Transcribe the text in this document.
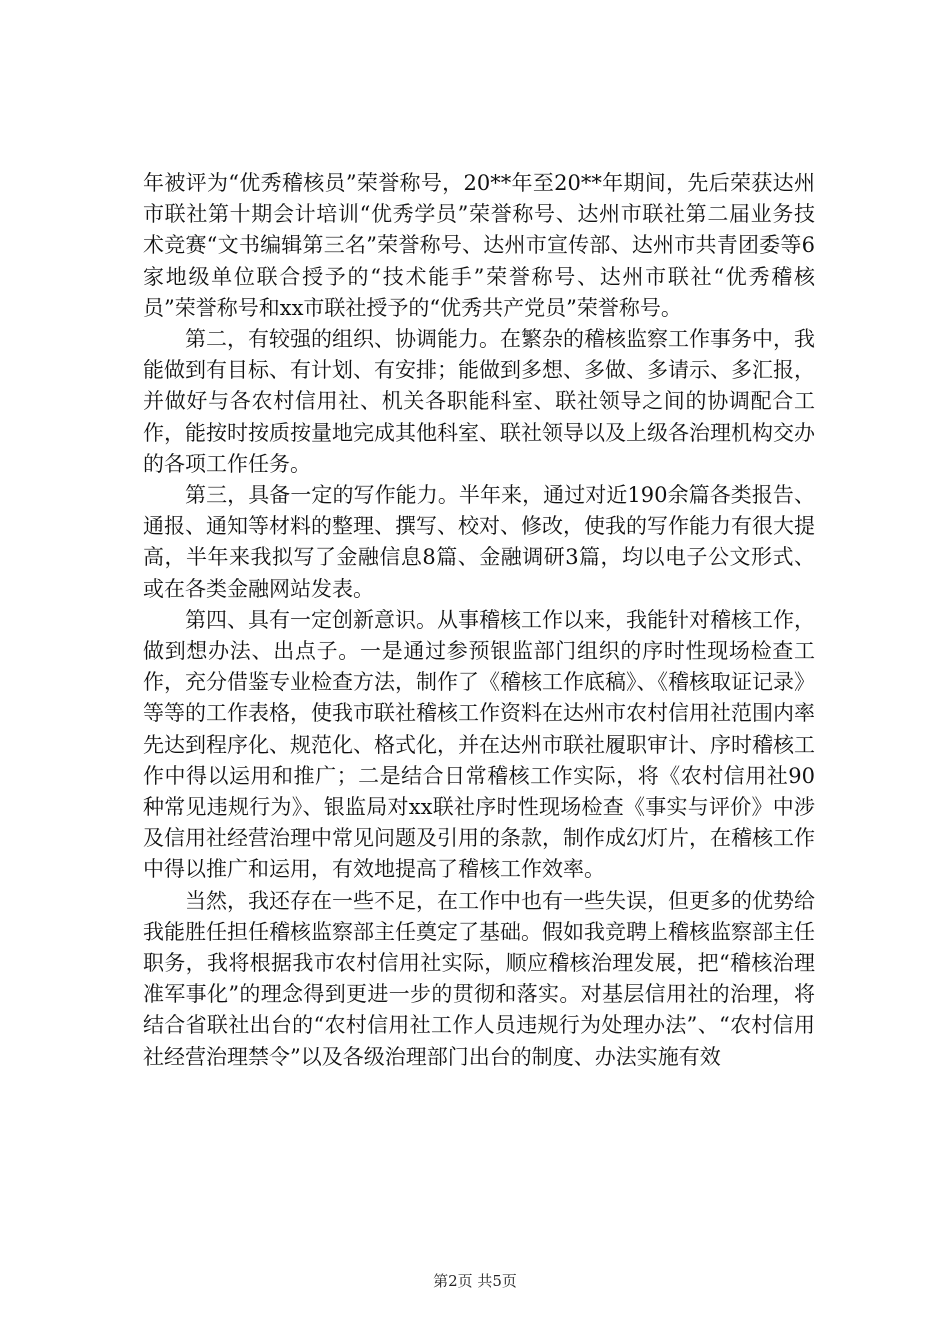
年被评为“优秀稽核员”荣誉称号，20**年至20**年期间，先后荣获达州市联社第十期会计培训“优秀学员”荣誉称号、达州市联社第二届业务技术竞赛“文书编辑第三名”荣誉称号、达州市宣传部、达州市共青团委等6家地级单位联合授予的“技术能手”荣誉称号、达州市联社“优秀稽核员”荣誉称号和xx市联社授予的“优秀共产党员”荣誉称号。

第二，有较强的组织、协调能力。在繁杂的稽核监察工作事务中，我能做到有目标、有计划、有安排；能做到多想、多做、多请示、多汇报，并做好与各农村信用社、机关各职能科室、联社领导之间的协调配合工作，能按时按质按量地完成其他科室、联社领导以及上级各治理机构交办的各项工作任务。

第三，具备一定的写作能力。半年来，通过对近190余篇各类报告、通报、通知等材料的整理、撰写、校对、修改，使我的写作能力有很大提高，半年来我拟写了金融信息8篇、金融调研3篇，均以电子公文形式、或在各类金融网站发表。

第四、具有一定创新意识。从事稽核工作以来，我能针对稽核工作，做到想办法、出点子。一是通过参预银监部门组织的序时性现场检查工作，充分借鉴专业检查方法，制作了《稽核工作底稿》、《稽核取证记录》等等的工作表格，使我市联社稽核工作资料在达州市农村信用社范围内率先达到程序化、规范化、格式化，并在达州市联社履职审计、序时稽核工作中得以运用和推广；二是结合日常稽核工作实际，将《农村信用社90种常见违规行为》、银监局对xx联社序时性现场检查《事实与评价》中涉及信用社经营治理中常见问题及引用的条款，制作成幻灯片，在稽核工作中得以推广和运用，有效地提高了稽核工作效率。

当然，我还存在一些不足，在工作中也有一些失误，但更多的优势给我能胜任担任稽核监察部主任奠定了基础。假如我竞聘上稽核监察部主任职务，我将根据我市农村信用社实际，顺应稽核治理发展，把“稽核治理准军事化”的理念得到更进一步的贯彻和落实。对基层信用社的治理，将结合省联社出台的“农村信用社工作人员违规行为处理办法”、“农村信用社经营治理禁令”以及各级治理部门出台的制度、办法实施有效

第2页 共5页
